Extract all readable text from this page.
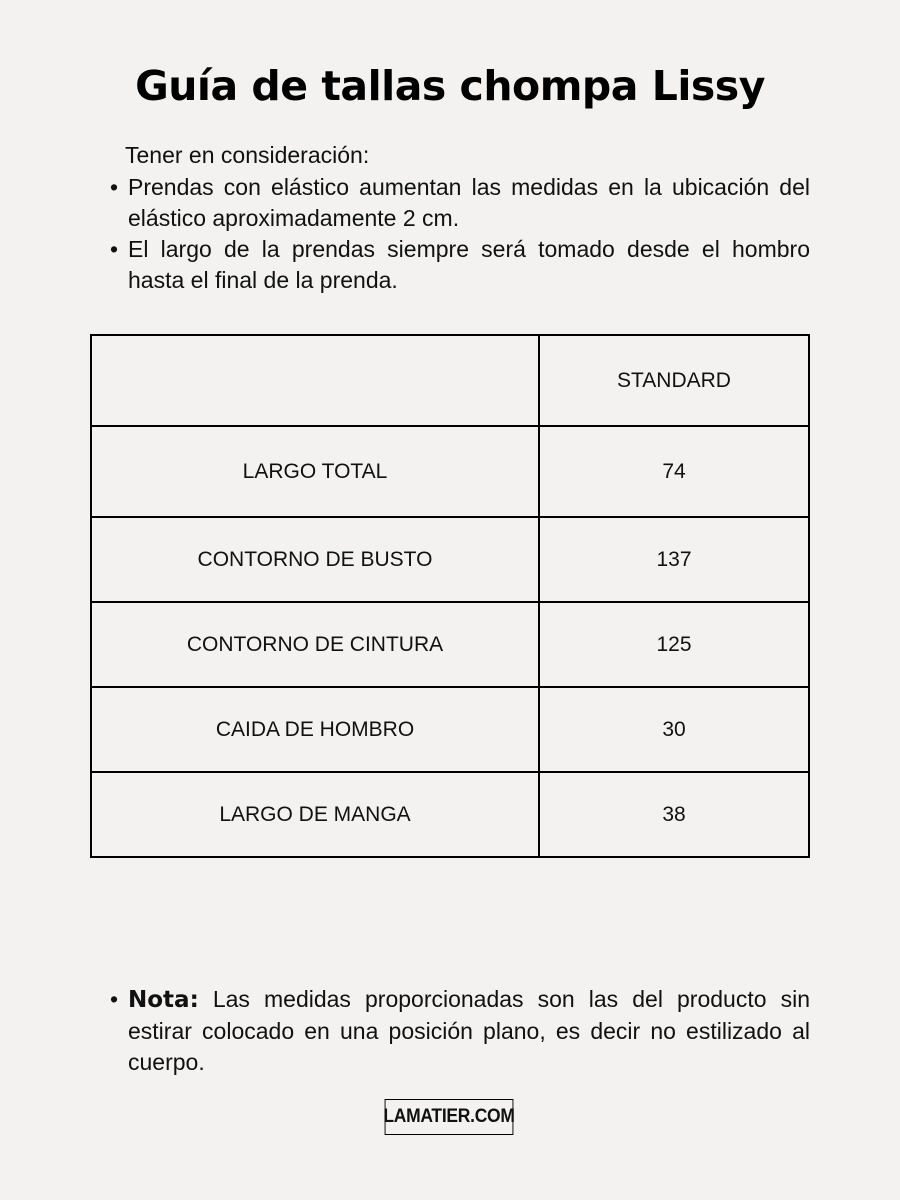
Guía de tallas chompa Lissy

Tener en consideración:

• Prendas con elástico aumentan las medidas en la ubicación del elástico aproximadamente 2 cm.
• El largo de la prendas siempre será tomado desde el hombro hasta el final de la prenda.
	STANDARD
LARGO TOTAL	74
CONTORNO DE BUSTO	137
CONTORNO DE CINTURA	125
CAIDA DE HOMBRO	30
LARGO DE MANGA	38
• Nota: Las medidas proporcionadas son las del producto sin estirar colocado en una posición plano, es decir no estilizado al cuerpo.
LAMATIER.COM
